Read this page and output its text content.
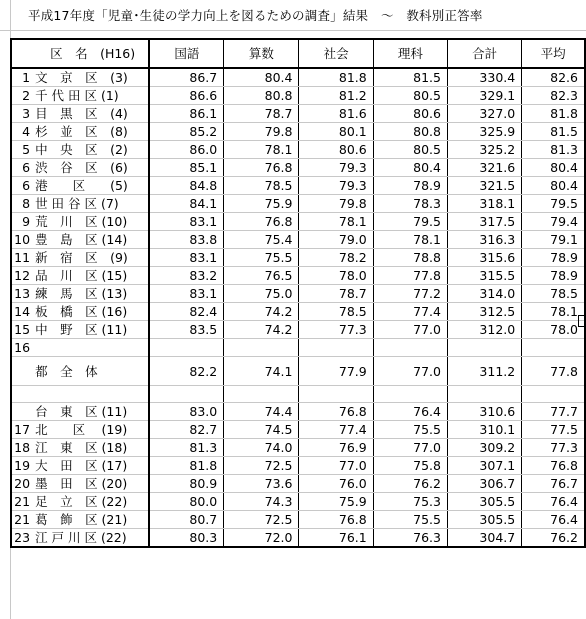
平成17年度「児童･生徒の学力向上を図るための調査」結果　～　教科別正答率
	区　名　(H16)	国語	算数	社会	理科	合計	平均
1	文　京　区　(3)	86.7	80.4	81.8	81.5	330.4	82.6
2	千 代 田 区 (1)	86.6	80.8	81.2	80.5	329.1	82.3
3	目　黒　区　(4)	86.1	78.7	81.6	80.6	327.0	81.8
4	杉　並　区　(8)	85.2	79.8	80.1	80.8	325.9	81.5
5	中　央　区　(2)	86.0	78.1	80.6	80.5	325.2	81.3
6	渋　谷　区　(6)	85.1	76.8	79.3	80.4	321.6	80.4
6	港　　区　　(5)	84.8	78.5	79.3	78.9	321.5	80.4
8	世 田 谷 区 (7)	84.1	75.9	79.8	78.3	318.1	79.5
9	荒　川　区 (10)	83.1	76.8	78.1	79.5	317.5	79.4
10	豊　島　区 (14)	83.8	75.4	79.0	78.1	316.3	79.1
11	新　宿　区　(9)	83.1	75.5	78.2	78.8	315.6	78.9
12	品　川　区 (15)	83.2	76.5	78.0	77.8	315.5	78.9
13	練　馬　区 (13)	83.1	75.0	78.7	77.2	314.0	78.5
14	板　橋　区 (16)	82.4	74.2	78.5	77.4	312.5	78.1
15	中　野　区 (11)	83.5	74.2	77.3	77.0	312.0	78.0
16							
	都　全　体	82.2	74.1	77.9	77.0	311.2	77.8

	台　東　区 (11)	83.0	74.4	76.8	76.4	310.6	77.7
17	北　　区　 (19)	82.7	74.5	77.4	75.5	310.1	77.5
18	江　東　区 (18)	81.3	74.0	76.9	77.0	309.2	77.3
19	大　田　区 (17)	81.8	72.5	77.0	75.8	307.1	76.8
20	墨　田　区 (20)	80.9	73.6	76.0	76.2	306.7	76.7
21	足　立　区 (22)	80.0	74.3	75.9	75.3	305.5	76.4
21	葛　飾　区 (21)	80.7	72.5	76.8	75.5	305.5	76.4
23	江 戸 川 区 (22)	80.3	72.0	76.1	76.3	304.7	76.2
